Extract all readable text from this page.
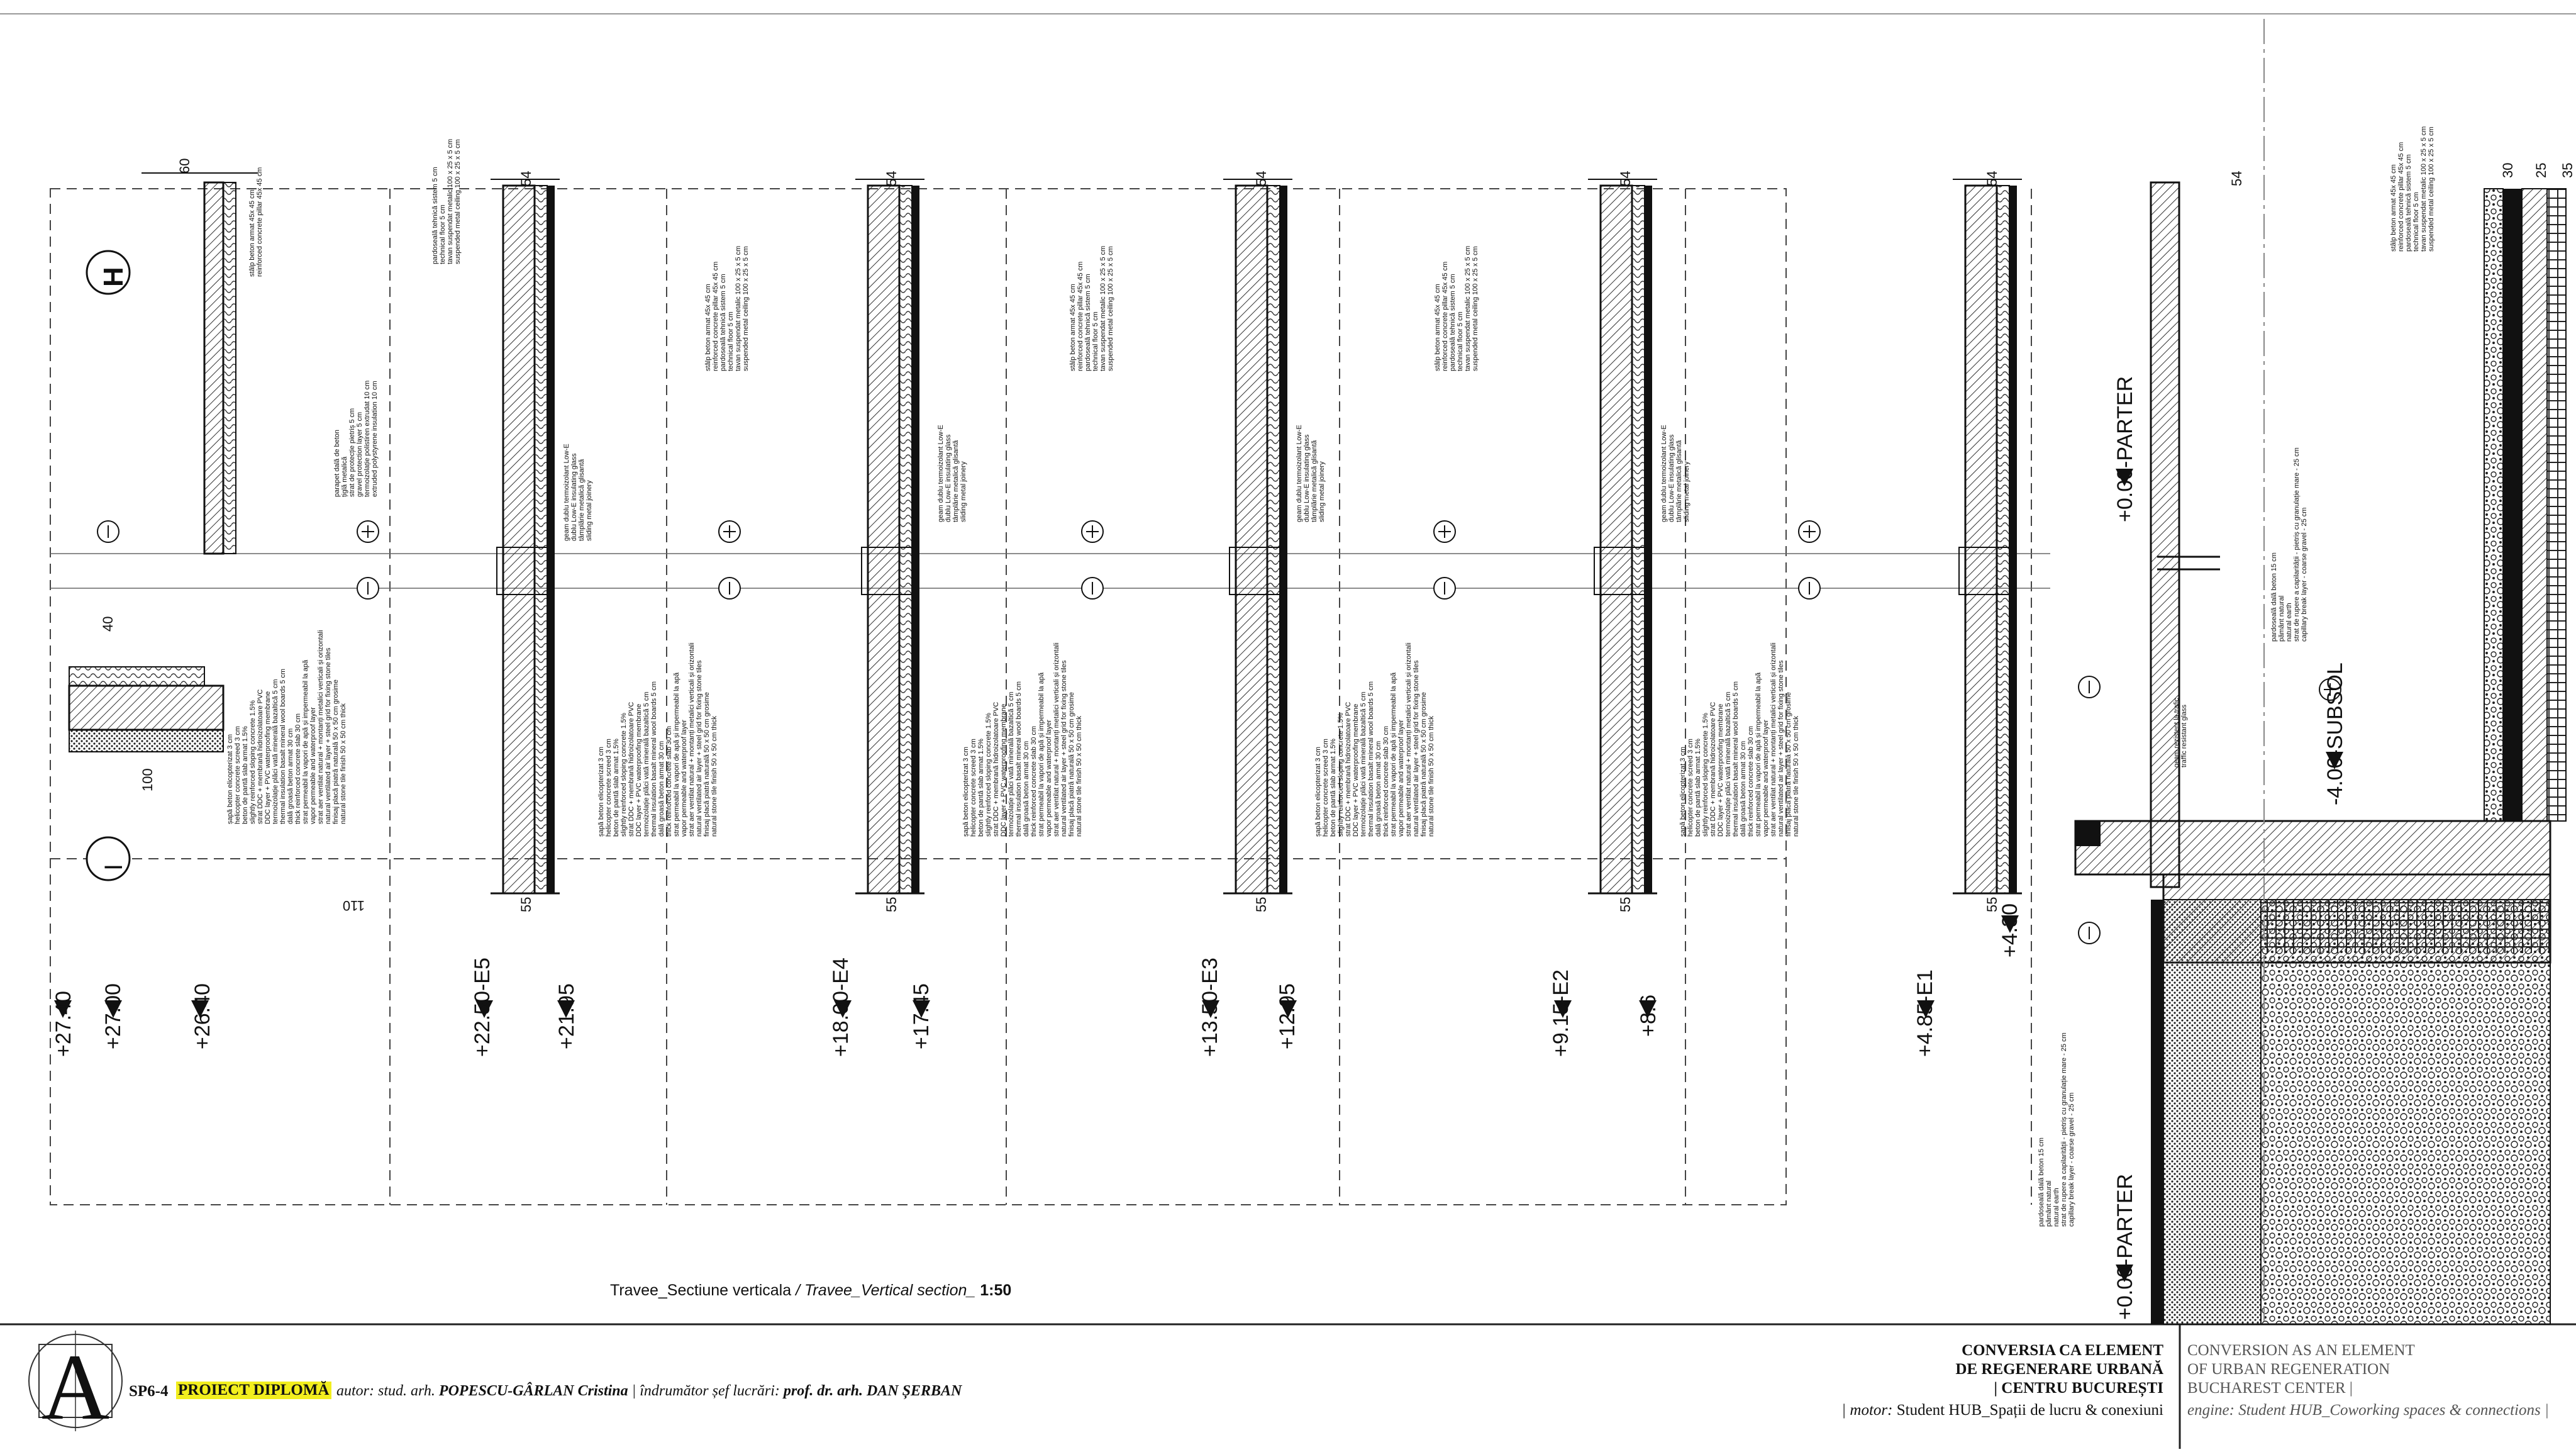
H
I
60
40
100
110
54	54	54	54	54	54
55	55	55	55	55
30 25 35
+27.40 +27.00	+26.40	+22.50-E5	+21.95	+18.00-E4	+17.45	+13.50-E3	+12.95	+9.15-E2	+8.6	+4.85-E1
+4.30
+0.00-PARTER
+0.00-PARTER
-4.00-SUBSOL
stâlp beton armat 45x 45 cm reinforced concrete pillar 45x 45 cm
parapet dală de beton țiglă metalică strat de protecție pietriș 5 cm gravel protection layer 5 cm termoizolație polistiren extrudat 10 cm extruded polystyrene insulation 10 cm
pardoseală tehnică sistem 5 cm technical floor 5 cm tavan suspendat metalic 100 x 25 x 5 cm suspended metal ceiling 100 x 25 x 5 cm
geam dublu termoizolant Low-E dublu Low-E insulating glass tâmplărie metalică glisantă sliding metal joinery
șapă beton elicopterizat 3 cm helicopter concrete screed 3 cm beton de pantă slab armat 1.5% slightly reinforced sloping concrete 1.5% strat DDC + membrană hidroizolatoare PVC DDC layer + PVC waterproofing membrane termoizolație plăci vată minerală bazaltică 5 cm thermal insulation basalt mineral wool boards 5 cm dală groasă beton armat 30 cm thick reinforced concrete slab 30 cm strat permeabil la vapori de apă și impermeabil la apă vapor permeable and waterproof layer strat aer ventilat natural + montanți metalici verticali și orizontali natural ventilated air layer + steel grid for fixing stone tiles finisaj placă piatră naturală 50 x 50 cm grosime natural stone tile finish 50 x 50 cm thick	șapă beton elicopterizat 3 cm helicopter concrete screed 3 cm beton de pantă slab armat 1.5% slightly reinforced sloping concrete 1.5% strat DDC + membrană hidroizolatoare PVC DDC layer + PVC waterproofing membrane termoizolație plăci vată minerală bazaltică 5 cm thermal insulation basalt mineral wool boards 5 cm dală groasă beton armat 30 cm thick reinforced concrete slab 30 cm strat permeabil la vapori de apă și impermeabil la apă vapor permeable and waterproof layer strat aer ventilat natural + montanți metalici verticali și orizontali natural ventilated air layer + steel grid for fixing stone tiles finisaj placă piatră naturală 50 x 50 cm grosime natural stone tile finish 50 x 50 cm thick	șapă beton elicopterizat 3 cm helicopter concrete screed 3 cm beton de pantă slab armat 1.5% slightly reinforced sloping concrete 1.5% strat DDC + membrană hidroizolatoare PVC DDC layer + PVC waterproofing membrane termoizolație plăci vată minerală bazaltică 5 cm thermal insulation basalt mineral wool boards 5 cm dală groasă beton armat 30 cm thick reinforced concrete slab 30 cm strat permeabil la vapori de apă și impermeabil la apă vapor permeable and waterproof layer strat aer ventilat natural + montanți metalici verticali și orizontali natural ventilated air layer + steel grid for fixing stone tiles finisaj placă piatră naturală 50 x 50 cm grosime natural stone tile finish 50 x 50 cm thick	șapă beton elicopterizat 3 cm helicopter concrete screed 3 cm beton de pantă slab armat 1.5% slightly reinforced sloping concrete 1.5% strat DDC + membrană hidroizolatoare PVC DDC layer + PVC waterproofing membrane termoizolație plăci vată minerală bazaltică 5 cm thermal insulation basalt mineral wool boards 5 cm dală groasă beton armat 30 cm thick reinforced concrete slab 30 cm strat permeabil la vapori de apă și impermeabil la apă vapor permeable and waterproof layer strat aer ventilat natural + montanți metalici verticali și orizontali natural ventilated air layer + steel grid for fixing stone tiles finisaj placă piatră naturală 50 x 50 cm grosime natural stone tile finish 50 x 50 cm thick	șapă beton elicopterizat 3 cm helicopter concrete screed 3 cm beton de pantă slab armat 1.5% slightly reinforced sloping concrete 1.5% strat DDC + membrană hidroizolatoare PVC DDC layer + PVC waterproofing membrane termoizolație plăci vată minerală bazaltică 5 cm thermal insulation basalt mineral wool boards 5 cm dală groasă beton armat 30 cm thick reinforced concrete slab 30 cm strat permeabil la vapori de apă și impermeabil la apă vapor permeable and waterproof layer strat aer ventilat natural + montanți metalici verticali și orizontali natural ventilated air layer + steel grid for fixing stone tiles finisaj placă piatră naturală 50 x 50 cm grosime natural stone tile finish 50 x 50 cm thick
geam dublu termoizolant Low-E dublu Low-E insulating glass tâmplărie metalică glisantă sliding metal joinery	geam dublu termoizolant Low-E dublu Low-E insulating glass tâmplărie metalică glisantă sliding metal joinery	geam dublu termoizolant Low-E dublu Low-E insulating glass tâmplărie metalică glisantă sliding metal joinery
stâlp beton armat 45x 45 cm reinforced concrete pillar 45x 45 cm pardoseală tehnică sistem 5 cm technical floor 5 cm tavan suspendat metalic 100 x 25 x 5 cm suspended metal ceiling 100 x 25 x 5 cm	stâlp beton armat 45x 45 cm reinforced concrete pillar 45x 45 cm pardoseală tehnică sistem 5 cm technical floor 5 cm tavan suspendat metalic 100 x 25 x 5 cm suspended metal ceiling 100 x 25 x 5 cm	stâlp beton armat 45x 45 cm reinforced concrete pillar 45x 45 cm pardoseală tehnică sistem 5 cm technical floor 5 cm tavan suspendat metalic 100 x 25 x 5 cm suspended metal ceiling 100 x 25 x 5 cm
stâlp beton armat 45x 45 cm reinforced concrete pillar 45x 45 cm pardoseală tehnică sistem 5 cm technical floor 5 cm tavan suspendat metalic 100 x 25 x 5 cm suspended metal ceiling 100 x 25 x 5 cm
pardoseală dală beton 15 cm pământ natural natural earth strat de rupere a capilarității - pietriș cu granulație mare - 25 cm capillary break layer - coarse gravel - 25 cm
pardoseală dală beton 15 cm pământ natural natural earth strat de rupere a capilarității - pietriș cu granulație mare - 25 cm capillary break layer - coarse gravel - 25 cm
geam rezistent la trafic traffic resistant glass
Travee_Sectiune verticala / Travee_Vertical section_ 1:50
A SP6-4 PROIECT DIPLOMĂ autor: stud. arh. POPESCU-GÂRLAN Cristina | îndrumător șef lucrări: prof. dr. arh. DAN ȘERBAN
CONVERSIA CA ELEMENT
DE REGENERARE URBANĂ
| CENTRU BUCUREȘTI
| motor: Student HUB_Spații de lucru & conexiuni
CONVERSION AS AN ELEMENT
OF URBAN REGENERATION
BUCHAREST CENTER |
engine: Student HUB_Coworking spaces & connections |
